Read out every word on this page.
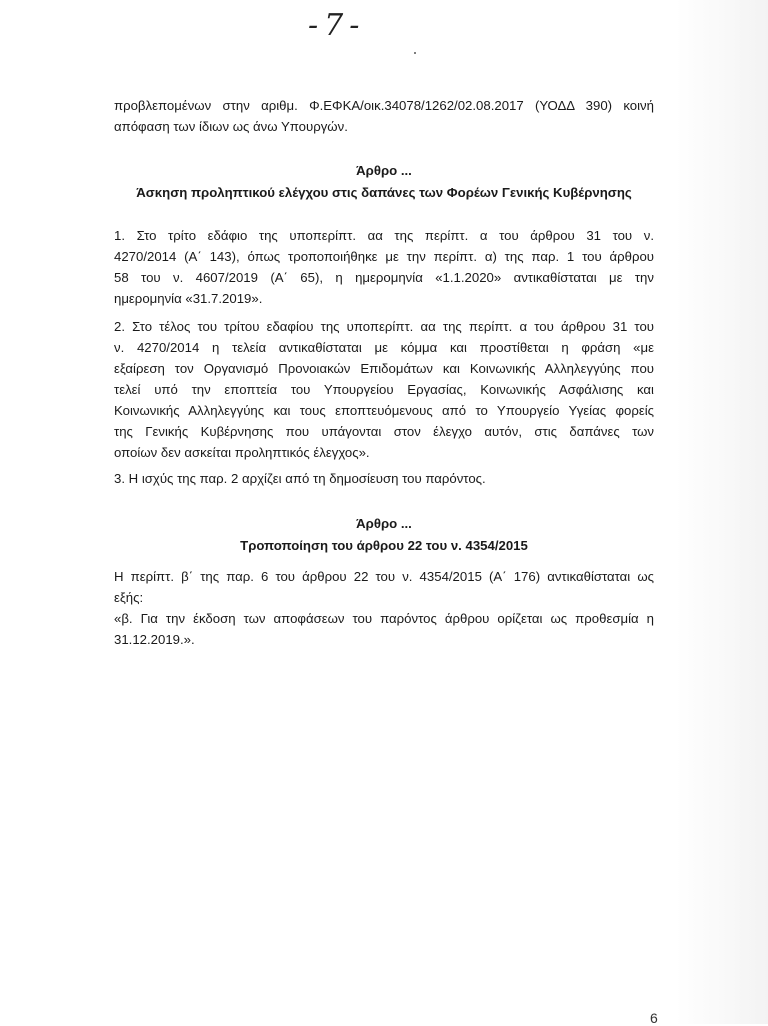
-7-
προβλεπομένων στην αριθμ. Φ.ΕΦΚΑ/οικ.34078/1262/02.08.2017 (ΥΟΔΔ 390) κοινή
απόφαση των ίδιων ως άνω Υπουργών.
Άρθρο ...
Άσκηση προληπτικού ελέγχου στις δαπάνες των Φορέων Γενικής Κυβέρνησης
1. Στο τρίτο εδάφιο της υποπερίπτ. αα της περίπτ. α του άρθρου 31 του ν.
4270/2014 (Α΄ 143), όπως τροποποιήθηκε με την περίπτ. α) της παρ. 1 του άρθρου
58 του ν. 4607/2019 (Α΄ 65), η ημερομηνία «1.1.2020» αντικαθίσταται με την
ημερομηνία «31.7.2019».
2. Στο τέλος του τρίτου εδαφίου της υποπερίπτ. αα της περίπτ. α του άρθρου 31 του
ν. 4270/2014 η τελεία αντικαθίσταται με κόμμα και προστίθεται η φράση «με
εξαίρεση τον Οργανισμό Προνοιακών Επιδομάτων και Κοινωνικής Αλληλεγγύης που
τελεί υπό την εποπτεία του Υπουργείου Εργασίας, Κοινωνικής Ασφάλισης και
Κοινωνικής Αλληλεγγύης και τους εποπτευόμενους από το Υπουργείο Υγείας φορείς
της Γενικής Κυβέρνησης που υπάγονται στον έλεγχο αυτόν, στις δαπάνες των
οποίων δεν ασκείται προληπτικός έλεγχος».
3. Η ισχύς της παρ. 2 αρχίζει από τη δημοσίευση του παρόντος.
Άρθρο ...
Τροποποίηση του άρθρου 22 του ν. 4354/2015
Η περίπτ. β΄ της παρ. 6 του άρθρου 22 του ν. 4354/2015 (Α΄ 176) αντικαθίσταται ως
εξής:
«β. Για την έκδοση των αποφάσεων του παρόντος άρθρου ορίζεται ως προθεσμία η
31.12.2019.».
6
